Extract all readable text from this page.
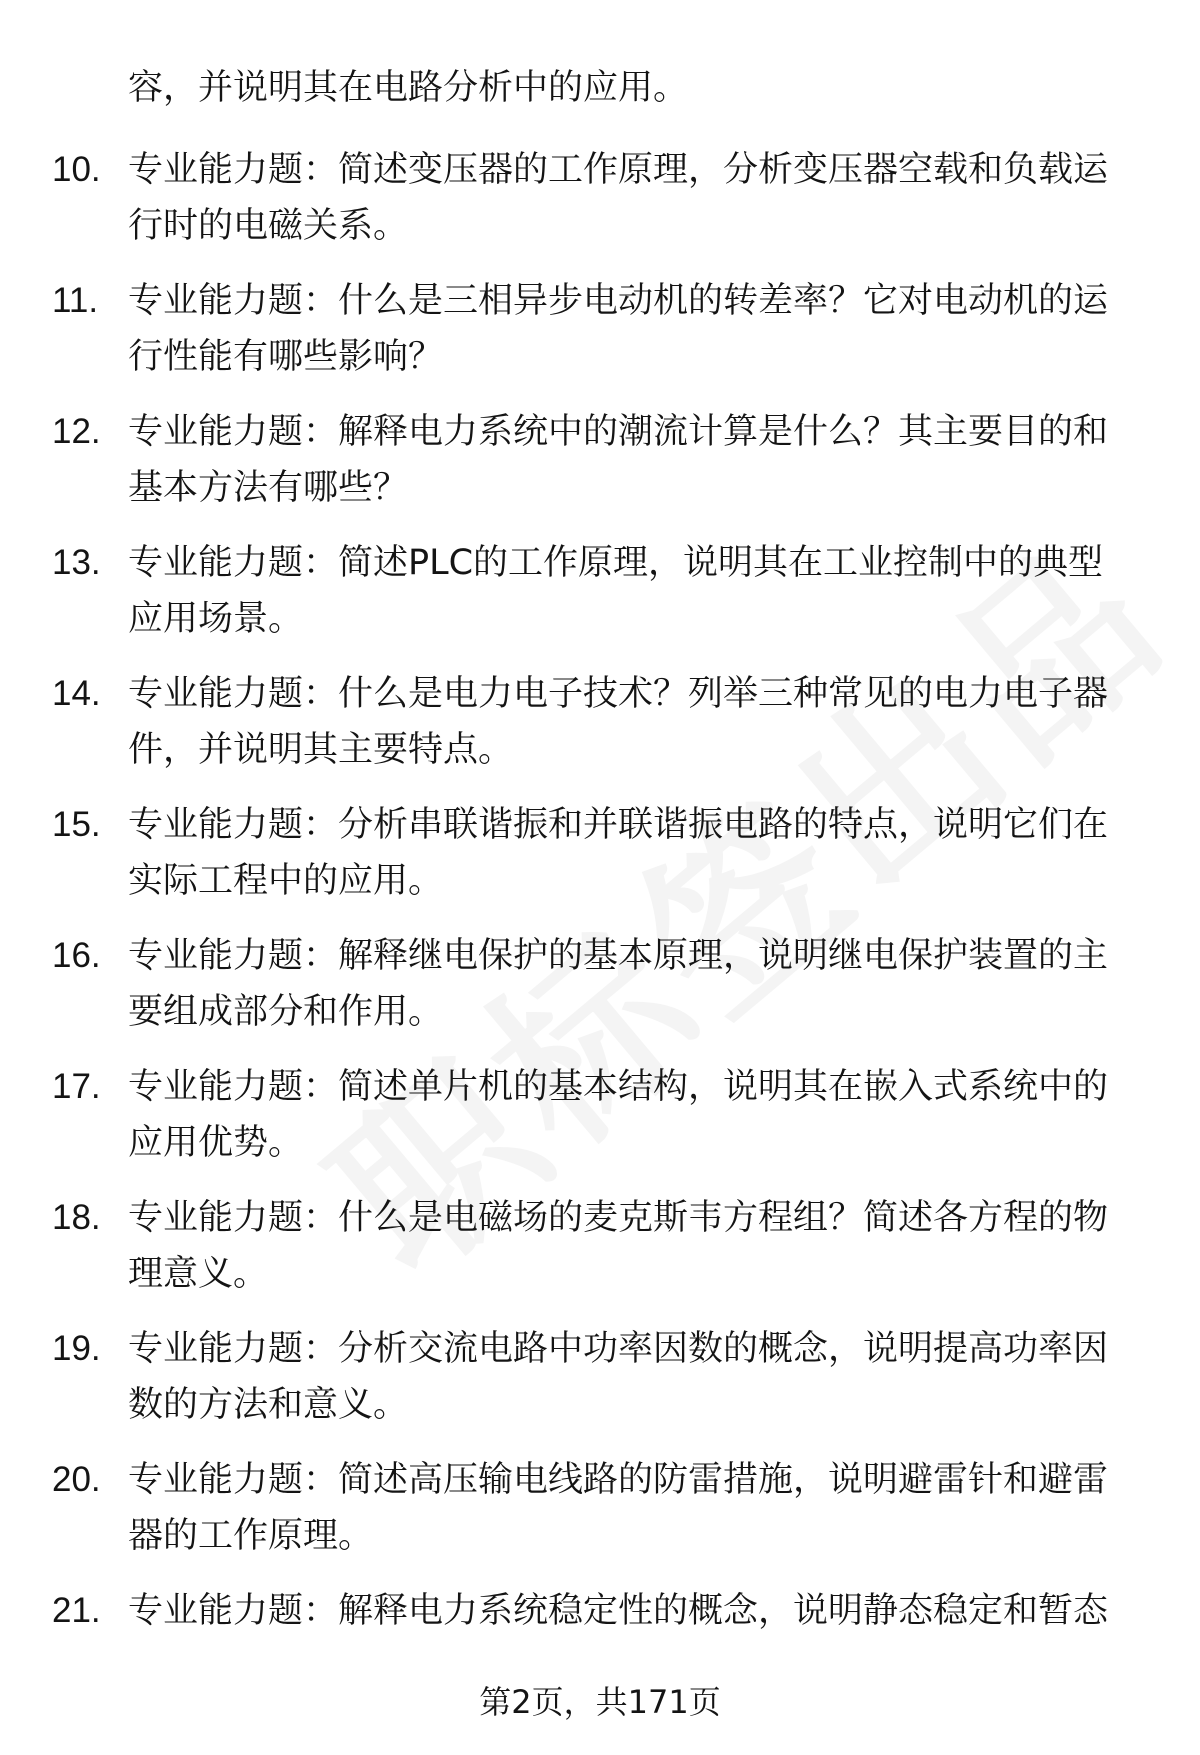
容，并说明其在电路分析中的应用。

10. 专业能力题：简述变压器的工作原理，分析变压器空载和负载运行时的电磁关系。

11. 专业能力题：什么是三相异步电动机的转差率？它对电动机的运行性能有哪些影响？

12. 专业能力题：解释电力系统中的潮流计算是什么？其主要目的和基本方法有哪些？

13. 专业能力题：简述PLC的工作原理，说明其在工业控制中的典型应用场景。

14. 专业能力题：什么是电力电子技术？列举三种常见的电力电子器件，并说明其主要特点。

15. 专业能力题：分析串联谐振和并联谐振电路的特点，说明它们在实际工程中的应用。

16. 专业能力题：解释继电保护的基本原理，说明继电保护装置的主要组成部分和作用。

17. 专业能力题：简述单片机的基本结构，说明其在嵌入式系统中的应用优势。

18. 专业能力题：什么是电磁场的麦克斯韦方程组？简述各方程的物理意义。

19. 专业能力题：分析交流电路中功率因数的概念，说明提高功率因数的方法和意义。

20. 专业能力题：简述高压输电线路的防雷措施，说明避雷针和避雷器的工作原理。

21. 专业能力题：解释电力系统稳定性的概念，说明静态稳定和暂态

第2页，共171页
